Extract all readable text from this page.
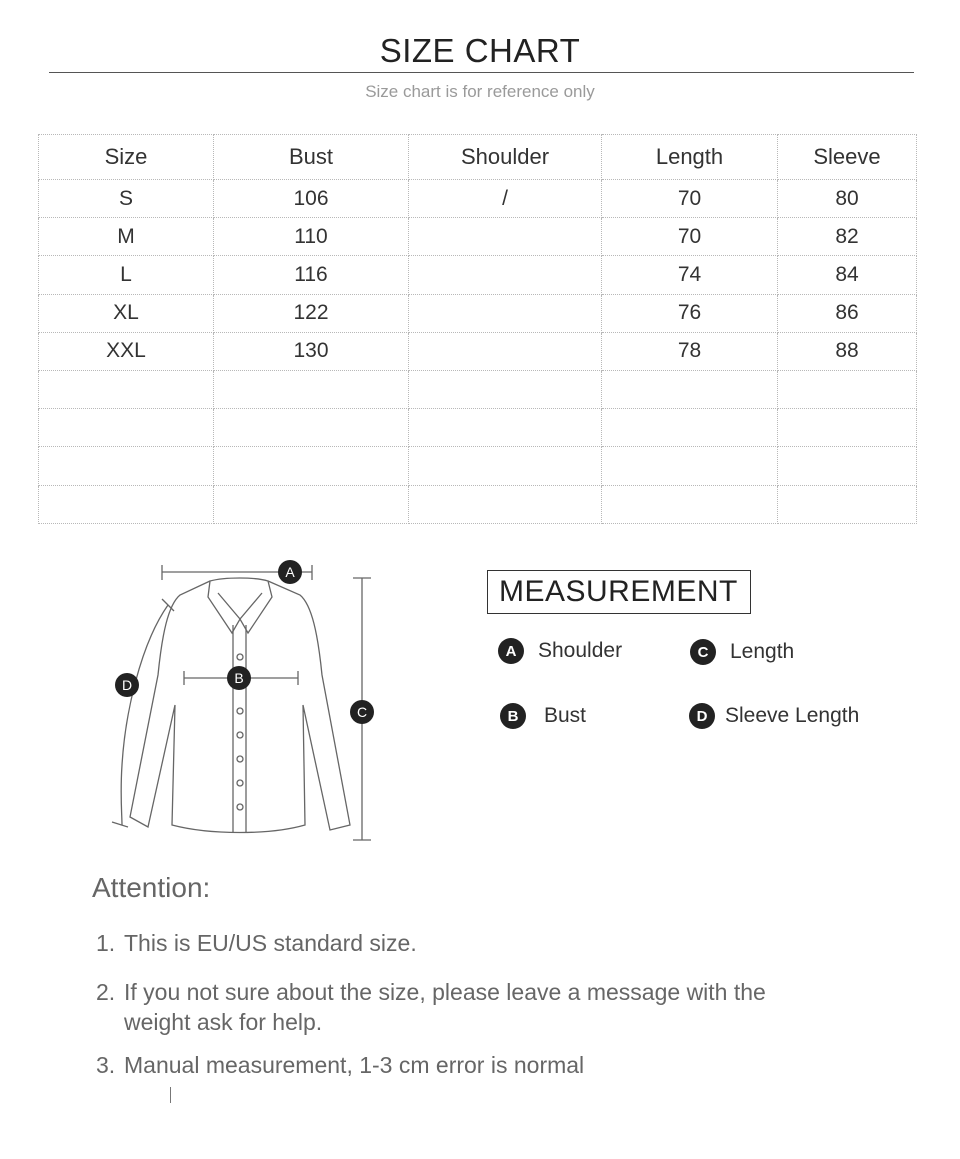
SIZE CHART
Size chart is for reference only
Size	Bust	Shoulder	Length	Sleeve
S	106	/	70	80
M	110		70	82
L	116		74	84
XL	122		76	86
XXL	130		78	88

A
B
C
D
MEASUREMENT
A	Shoulder	C	Length
B	Bust	D Sleeve Length
Attention:
1. This is EU/US standard size.
2. If you not sure about the size, please leave a message with the
weight ask for help.
3. Manual measurement, 1-3 cm error is normal
